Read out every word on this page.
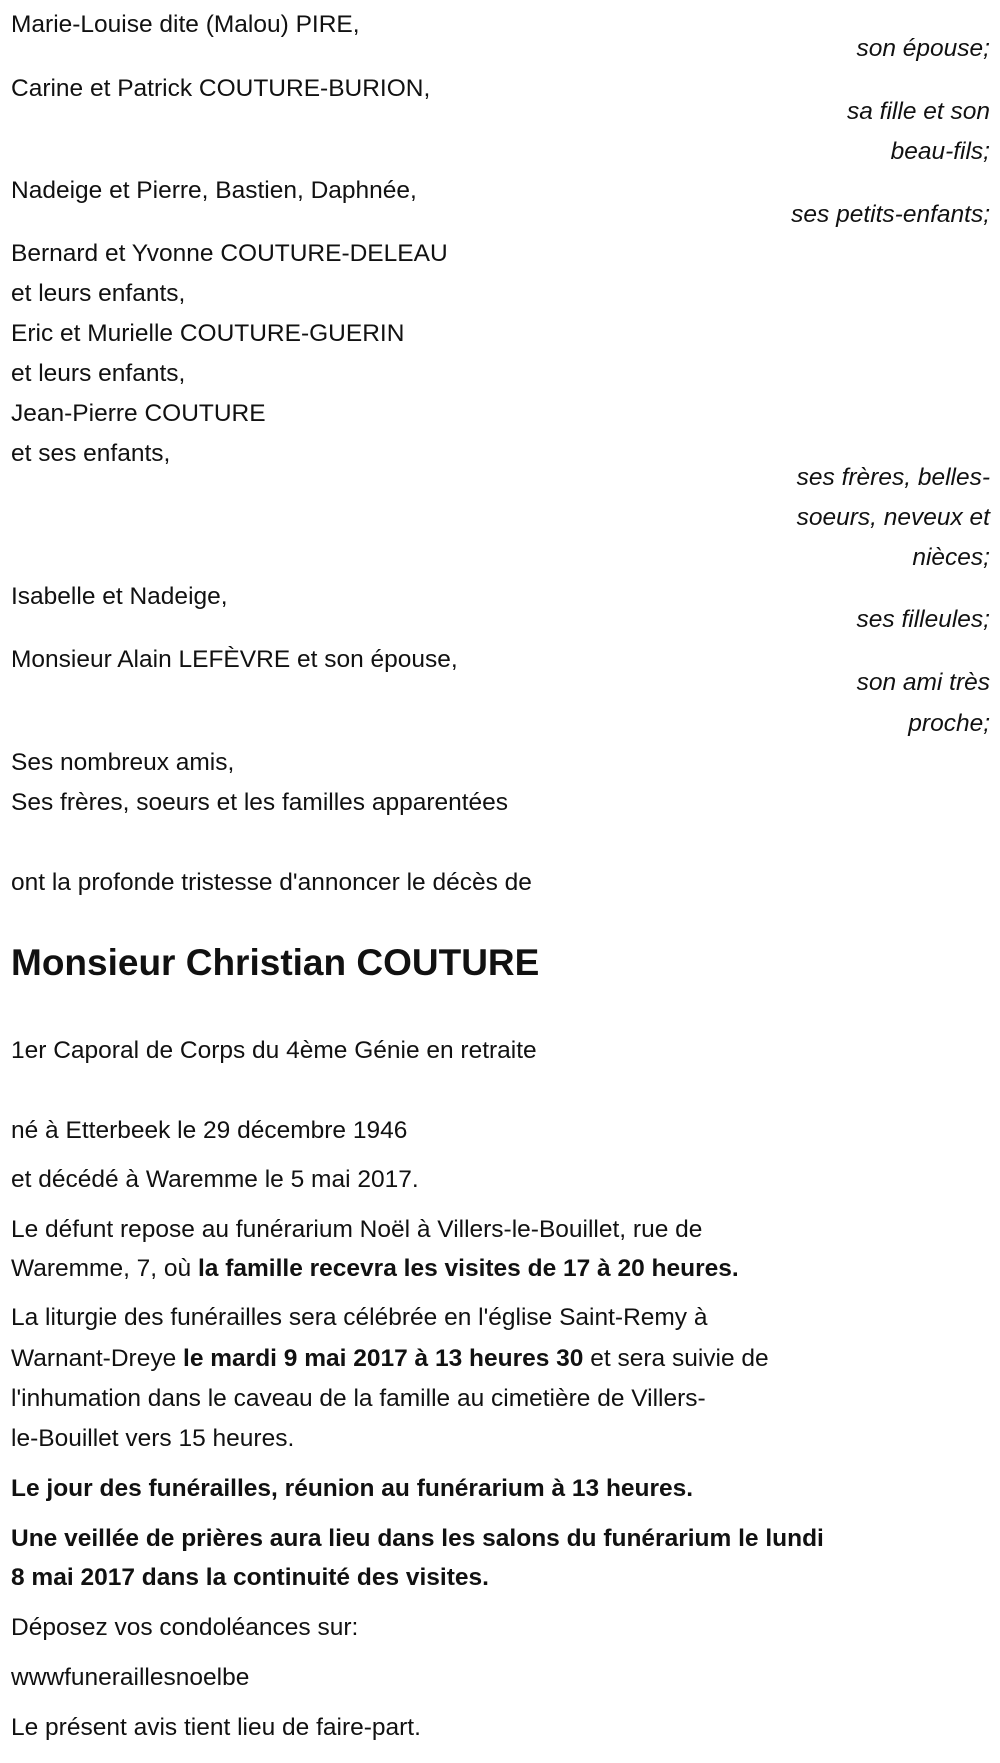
Marie-Louise dite (Malou) PIRE,
son épouse;
Carine et Patrick COUTURE-BURION,
sa fille et son
beau-fils;
Nadeige et Pierre, Bastien, Daphnée,
ses petits-enfants;
Bernard et Yvonne COUTURE-DELEAU
et leurs enfants,
Eric et Murielle COUTURE-GUERIN
et leurs enfants,
Jean-Pierre COUTURE
et ses enfants,
ses frères, belles-
soeurs, neveux et
nièces;
Isabelle et Nadeige,
ses filleules;
Monsieur Alain LEFÈVRE et son épouse,
son ami très
proche;
Ses nombreux amis,
Ses frères, soeurs et les familles apparentées
ont la profonde tristesse d'annoncer le décès de
Monsieur Christian COUTURE
1er Caporal de Corps du 4ème Génie en retraite
né à Etterbeek le 29 décembre 1946
et décédé à Waremme le 5 mai 2017.
Le défunt repose au funérarium Noël à Villers-le-Bouillet, rue de
Waremme, 7, où la famille recevra les visites de 17 à 20 heures.
La liturgie des funérailles sera célébrée en l'église Saint-Remy à
Warnant-Dreye le mardi 9 mai 2017 à 13 heures 30 et sera suivie de
l'inhumation dans le caveau de la famille au cimetière de Villers-
le-Bouillet vers 15 heures.
Le jour des funérailles, réunion au funérarium à 13 heures.
Une veillée de prières aura lieu dans les salons du funérarium le lundi
8 mai 2017 dans la continuité des visites.
Déposez vos condoléances sur:
wwwfuneraillesnoelbe
Le présent avis tient lieu de faire-part.
